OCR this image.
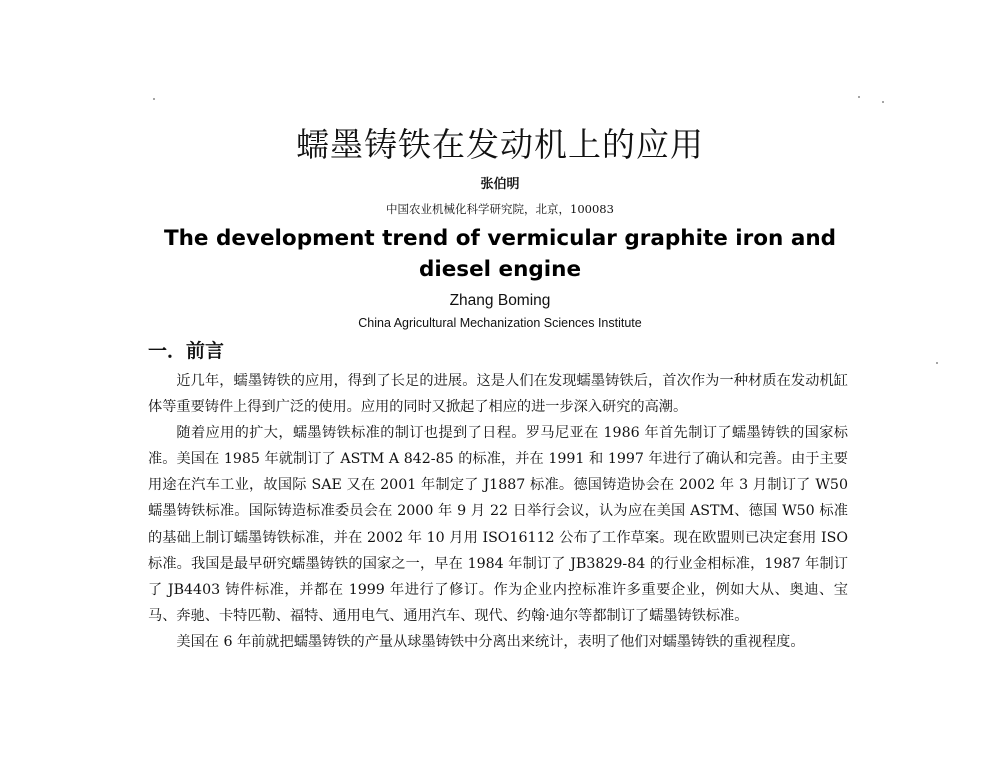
蠕墨铸铁在发动机上的应用
张伯明
中国农业机械化科学研究院，北京，100083
The development trend of vermicular graphite iron and diesel engine
Zhang Boming
China Agricultural Mechanization Sciences Institute
一．前言

近几年，蠕墨铸铁的应用，得到了长足的进展。这是人们在发现蠕墨铸铁后，首次作为一种材质在发动机缸体等重要铸件上得到广泛的使用。应用的同时又掀起了相应的进一步深入研究的高潮。

随着应用的扩大，蠕墨铸铁标准的制订也提到了日程。罗马尼亚在 1986 年首先制订了蠕墨铸铁的国家标准。美国在 1985 年就制订了 ASTM A 842-85 的标准，并在 1991 和 1997 年进行了确认和完善。由于主要用途在汽车工业，故国际 SAE 又在 2001 年制定了 J1887 标准。德国铸造协会在 2002 年 3 月制订了 W50 蠕墨铸铁标准。国际铸造标准委员会在 2000 年 9 月 22 日举行会议，认为应在美国 ASTM、德国 W50 标准的基础上制订蠕墨铸铁标准，并在 2002 年 10 月用 ISO16112 公布了工作草案。现在欧盟则已决定套用 ISO 标准。我国是最早研究蠕墨铸铁的国家之一，早在 1984 年制订了 JB3829-84 的行业金相标准，1987 年制订了 JB4403 铸件标准，并都在 1999 年进行了修订。作为企业内控标准许多重要企业，例如大从、奥迪、宝马、奔驰、卡特匹勒、福特、通用电气、通用汽车、现代、约翰·迪尔等都制订了蠕墨铸铁标准。

美国在 6 年前就把蠕墨铸铁的产量从球墨铸铁中分离出来统计，表明了他们对蠕墨铸铁的重视程度。
